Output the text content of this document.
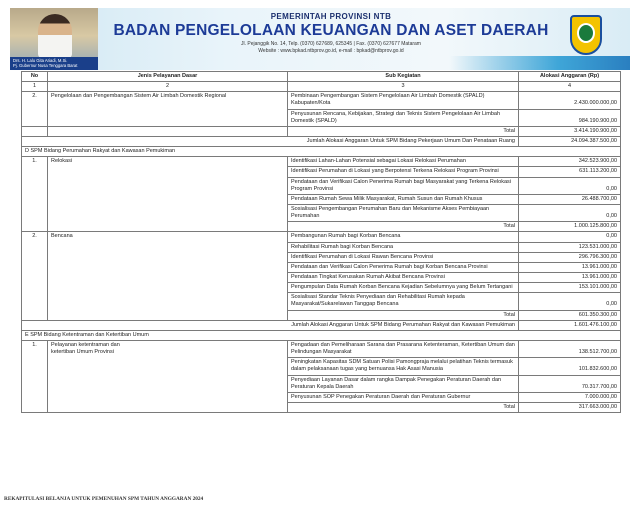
Drs. H. Lalu Gita Ariadi, M.Si.
Pj. Gubernur Nusa Tenggara Barat
PEMERINTAH PROVINSI NTB
BADAN PENGELOLAAN KEUANGAN DAN ASET DAERAH
Jl. Pejanggik No. 14, Telp. (0370) 627689, 625345 | Fax. (0370) 627677 Mataram
Website : www.bpkad.ntbprov.go.id, e-mail : bpkad@ntbprov.go.id
No	Jenis Pelayanan Dasar	Sub Kegiatan	Alokasi Anggaran (Rp)
1	2	3	4
2.	Pengelolaan dan Pengembangan Sistem Air Limbah Domestik Regional	Pembinaan Pengembangan Sistem Pengelolaan Air Limbah Domestik (SPALD) Kabupaten/Kota	2.430.000.000,00
		Penyusunan Rencana, Kebijakan, Strategi dan Teknis Sistem Pengelolaan Air Limbah Domestik (SPALD)	984.190.900,00
		Total	3.414.190.900,00
Jumlah Alokasi Anggaran Untuk SPM Bidang Pekerjaan Umum Dan Penataan Ruang			24.094.387.500,00
D SPM Bidang Perumahan Rakyat dan Kawasan Pemukiman			
1.	Relokasi	Identifikasi Lahan-Lahan Potensial sebagai Lokasi Relokasi Perumahan	342.523.900,00
		Identifikasi Perumahan di Lokasi yang Berpotensi Terkena Relokasi Program Provinsi	631.113.200,00
		Pendataan dan Verifikasi Calon Penerima Rumah bagi Masyarakat yang Terkena Relokasi Program Provinsi	0,00
		Pendataan Rumah Sewa Milik Masyarakat, Rumah Susun dan Rumah Khusus	26.488.700,00
		Sosialisasi Pengembangan Perumahan Baru dan Mekanisme Akses Pembiayaan Perumahan	0,00
		Total	1.000.125.800,00
2.	Bencana	Pembangunan Rumah bagi Korban Bencana	0,00
		Rehabilitasi Rumah bagi Korban Bencana	123.531.000,00
		Identifikasi Perumahan di Lokasi Rawan Bencana Provinsi	296.796.300,00
		Pendataan dan Verifikasi Calon Penerima Rumah bagi Korban Bencana Provinsi	13.961.000,00
		Pendataan Tingkat Kerusakan Rumah Akibat Bencana Provinsi	13.961.000,00
		Pengumpulan Data Rumah Korban Bencana Kejadian Sebelumnya yang Belum Tertangani	153.101.000,00
		Sosialisasi Standar Teknis Penyediaan dan Rehabilitasi Rumah kepada Masyarakat/Sukarelawan Tanggap Bencana	0,00
		Total	601.350.300,00
Jumlah Alokasi Anggaran Untuk SPM Bidang Perumahan Rakyat dan Kawasan Pemukiman			1.601.476.100,00
E SPM Bidang Ketentraman dan Ketertiban Umum			
1.	Pelayanan ketentraman dan ketertiban Umum Provinsi	Pengadaan dan Pemeliharaan Sarana dan Prasarana Ketenteraman, Ketertiban Umum dan Pelindungan Masyarakat	138.512.700,00
		Peningkatan Kapasitas SDM Satuan Polisi Pamongpraja melalui pelatihan Teknis termasuk dalam pelaksanaan tugas yang bernuansa Hak Asasi Manusia	101.832.600,00
		Penyediaan Layanan Dasar dalam rangka Dampak Penegakan Peraturan Daerah dan Peraturan Kepala Daerah	70.317.700,00
		Penyusunan SOP Penegakan Peraturan Daerah dan Peraturan Gubernur	7.000.000,00
		Total	317.663.000,00
REKAPITULASI BELANJA UNTUK PEMENUHAN SPM TAHUN ANGGARAN 2024
